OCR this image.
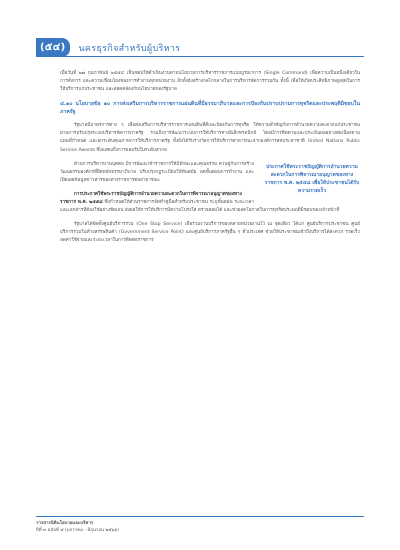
(๕๔)	นครธุรกิจสำหรับผู้บริหาร

เมื่อวันที่ ๒๗ กุมภาพันธ์ ๒๕๕๔ เห็นชอบให้ดำเนินงานตามนโยบายการบริหารราชการแบบบูรณาการ (Single Command) เพื่อความเป็นหนึ่งเดียวในการสั่งการ และความเชื่อมโยงของการทำงานทุกหน่วยงาน อีกทั้งยังสร้างกลไกกลางในการบริหารจัดการร่วมกัน ทั้งนี้ เพื่อให้เกิดประสิทธิภาพสูงสุดในการให้บริการแก่ประชาชน และสอดคล้องกับนโยบายของรัฐบาล

๔.๑๐ นโยบายข้อ ๑๐ การส่งเสริมการบริหารราชการแผ่นดินที่มีธรรมาภิบาลและการป้องกันปราบปรามการทุจริตและประพฤติมิชอบในภาครัฐ

รัฐบาลมีมาตรการต่าง ๆ เพื่อส่งเสริมการบริหารราชการแผ่นดินที่ดีและป้องกันการทุจริต ให้ความสำคัญกับการอำนวยความสะดวกแก่ประชาชน ผ่านการปรับปรุงระบบบริหารจัดการภาครัฐ รวมถึงการพัฒนาระบบการให้บริการทางอิเล็กทรอนิกส์ โดยมีการติดตามและประเมินผลอย่างต่อเนื่องตามแผนที่กำหนด และยกระดับคุณภาพการให้บริการภาครัฐ ทั้งยังได้รับรางวัลการให้บริการสาธารณะจากองค์การสหประชาชาติ United Nations Public Service Awards ซึ่งแสดงถึงการยอมรับในระดับสากล

ประกาศใช้พระราชบัญญัติการอำนวยความสะดวกในการพิจารณาอนุญาตของทางราชการ พ.ศ. ๒๕๕๘ เพื่อให้ประชาชนได้รับความรวดเร็ว

ด้านการบริหารงานบุคคล มีการพัฒนาข้าราชการให้มีทักษะและคุณธรรม ควบคู่กับการสร้างวัฒนธรรมองค์กรที่ยึดหลักธรรมาภิบาล ปรับปรุงกฎระเบียบให้ทันสมัย ลดขั้นตอนการทำงาน และเปิดเผยข้อมูลข่าวสารของทางราชการต่อสาธารณะ

การประกาศใช้พระราชบัญญัติการอำนวยความสะดวกในการพิจารณาอนุญาตของทางราชการ พ.ศ. ๒๕๕๘ ซึ่งกำหนดให้ส่วนราชการจัดทำคู่มือสำหรับประชาชน ระบุขั้นตอน ระยะเวลา และเอกสารที่ต้องใช้อย่างชัดเจน ส่งผลให้การให้บริการมีความโปร่งใส ตรวจสอบได้ และช่วยลดโอกาสในการทุจริตประพฤติมิชอบของเจ้าหน้าที่

รัฐบาลได้จัดตั้งศูนย์บริการร่วม (One Stop Service) เพื่อรวมงานบริการของหลายหน่วยงานไว้ ณ จุดเดียว ได้แก่ ศูนย์บริการประชาชน ศูนย์บริการร่วมในห้างสรรพสินค้า (Government Service Point) และศูนย์บริการภาครัฐอื่น ๆ ทั่วประเทศ ช่วยให้ประชาชนเข้าถึงบริการได้สะดวก รวดเร็ว ลดค่าใช้จ่ายและระยะเวลาในการติดต่อราชการ

วารสารนิตินโยบายและบริหาร
ปีที่ ๓ ฉบับที่ ๕ (มกราคม - มิถุนายน ๒๕๖๑)
